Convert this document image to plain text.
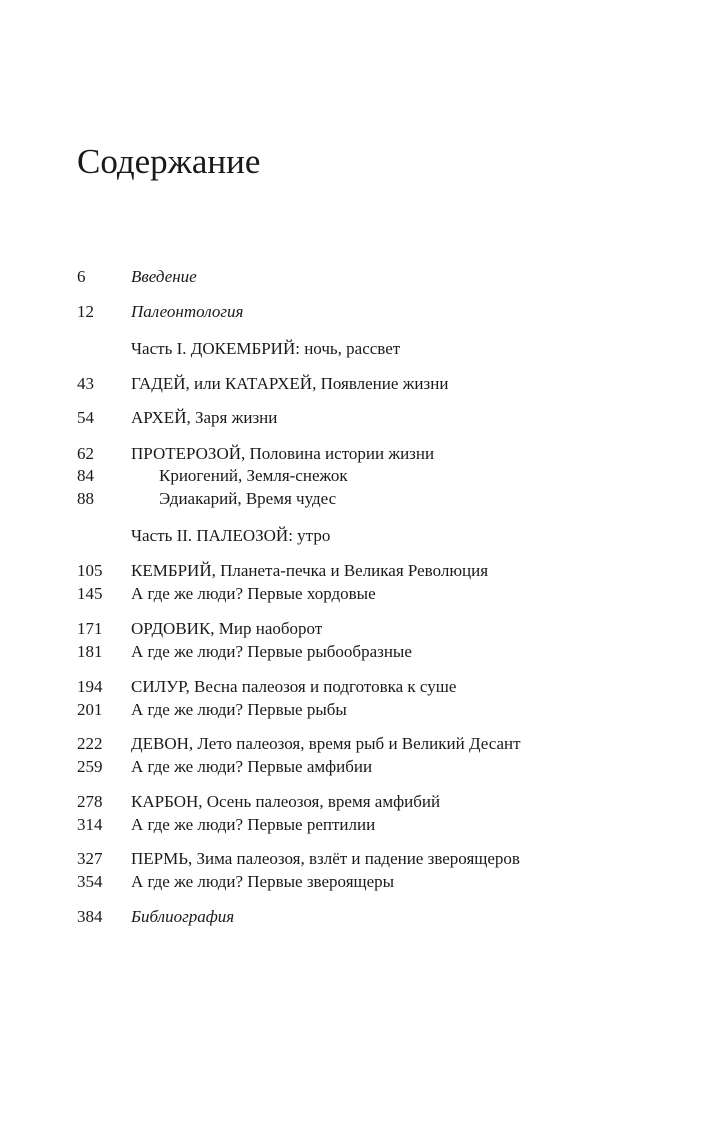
Содержание
6	Введение
12 Палеонтология
Часть I. ДОКЕМБРИЙ: ночь, рассвет
43 ГАДЕЙ, или КАТАРХЕЙ, Появление жизни
54 АРХЕЙ, Заря жизни
62 ПРОТЕРОЗОЙ, Половина истории жизни
84	Криогений, Земля-снежок
88	Эдиакарий, Время чудес
Часть II. ПАЛЕОЗОЙ: утро
105 КЕМБРИЙ, Планета-печка и Великая Революция
145 А где же люди? Первые хордовые
171 ОРДОВИК, Мир наоборот
181 А где же люди? Первые рыбообразные
194 СИЛУР, Весна палеозоя и подготовка к суше
201 А где же люди? Первые рыбы
222 ДЕВОН, Лето палеозоя, время рыб и Великий Десант
259 А где же люди? Первые амфибии
278 КАРБОН, Осень палеозоя, время амфибий
314 А где же люди? Первые рептилии
327 ПЕРМЬ, Зима палеозоя, взлёт и падение звероящеров
354 А где же люди? Первые звероящеры
384 Библиография
